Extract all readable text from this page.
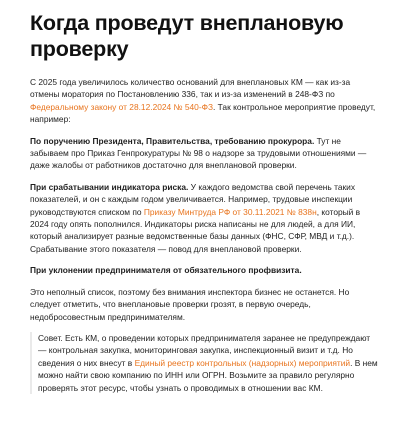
Когда проведут внеплановую проверку

С 2025 года увеличилось количество оснований для внеплановых КМ — как из-за отмены моратория по Постановлению 336, так и из-за изменений в 248-ФЗ по Федеральному закону от 28.12.2024 № 540-ФЗ. Так контрольное мероприятие проведут, например:

По поручению Президента, Правительства, требованию прокурора. Тут не забываем про Приказ Генпрокуратуры № 98 о надзоре за трудовыми отношениями — даже жалобы от работников достаточно для внеплановой проверки.

При срабатывании индикатора риска. У каждого ведомства свой перечень таких показателей, и он с каждым годом увеличивается. Например, трудовые инспекции руководствуются списком по Приказу Минтруда РФ от 30.11.2021 № 838н, который в 2024 году опять пополнился. Индикаторы риска написаны не для людей, а для ИИ, который анализирует разные ведомственные базы данных (ФНС, СФР, МВД и т.д.). Срабатывание этого показателя — повод для внеплановой проверки.

При уклонении предпринимателя от обязательного профвизита.

Это неполный список, поэтому без внимания инспектора бизнес не останется. Но следует отметить, что внеплановые проверки грозят, в первую очередь, недобросовестным предпринимателям.

Совет. Есть КМ, о проведении которых предпринимателя заранее не предупреждают — контрольная закупка, мониторинговая закупка, инспекционный визит и т.д. Но сведения о них внесут в Единый реестр контрольных (надзорных) мероприятий. В нем можно найти свою компанию по ИНН или ОГРН. Возьмите за правило регулярно проверять этот ресурс, чтобы узнать о проводимых в отношении вас КМ.
